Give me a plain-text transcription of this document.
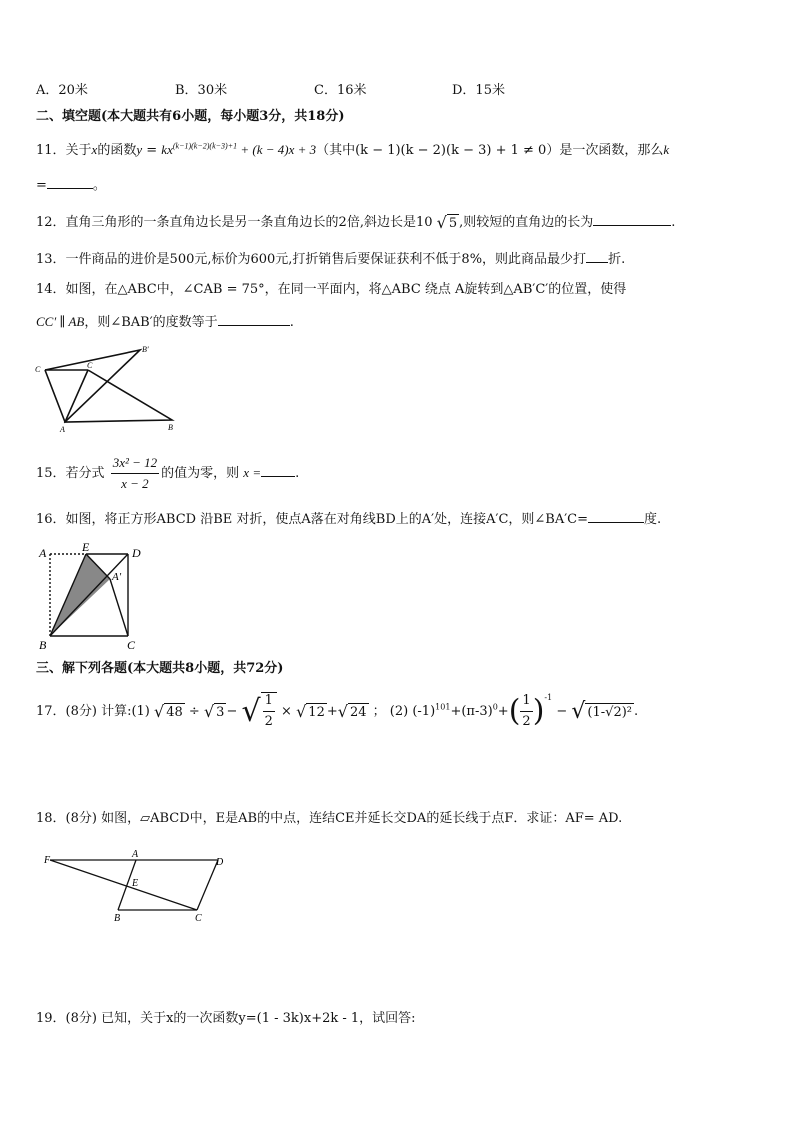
A．20米	B．30米	C．16米	D．15米
二、填空题(本大题共有6小题，每小题3分，共18分)
11．关于x的函数$y = kx^{(k-1)(k-2)(k-3)+1} + (k - 4)x + 3$（其中(k − 1)(k − 2)(k − 3) + 1 ≠ 0）是一次函数，那么k
=	。
12．直角三角形的一条直角边长是另一条直角边长的2倍,斜边长是10 √ 5 ,则较短的直角边的长为	.
13．一件商品的进价是500元,标价为600元,打折销售后要保证获利不低于8%，则此商品最少打 折.
14．如图，在△ABC中，∠CAB = 75°，在同一平面内，将△ABC 绕点 A旋转到△AB′C′的位置，使得
CC′ ∥ AB，则∠BAB′的度数等于	.
C	C
B′
A	B
15．若分式 $\frac{\text{3x² − 12}}{x - 2}$ 的值为零，则 x =	.
16．如图，将正方形ABCD 沿BE 对折，使点A落在对角线BD上的A′处，连接A′C，则∠BA′C=	度.
A	E	D
A′
B	C
三、解下列各题(本大题共8小题，共72分)
17．(8分) 计算:(1) √ 48 ÷ √ 3 − √ $\frac{1}{2}$ × √ 12 + √ 24 ； (2) $(-1)^{101}+(\pi-3)^0+( \frac{1}{2} )^{-1}$ − √ (1-√2)² .
18．(8分) 如图，▱ABCD中，E是AB的中点，连结CE并延长交DA的延长线于点F．求证：AF= AD.
F
A
D
E
B	C
19．(8分) 已知，关于x的一次函数y=(1 - 3k)x+2k - 1，试回答:
